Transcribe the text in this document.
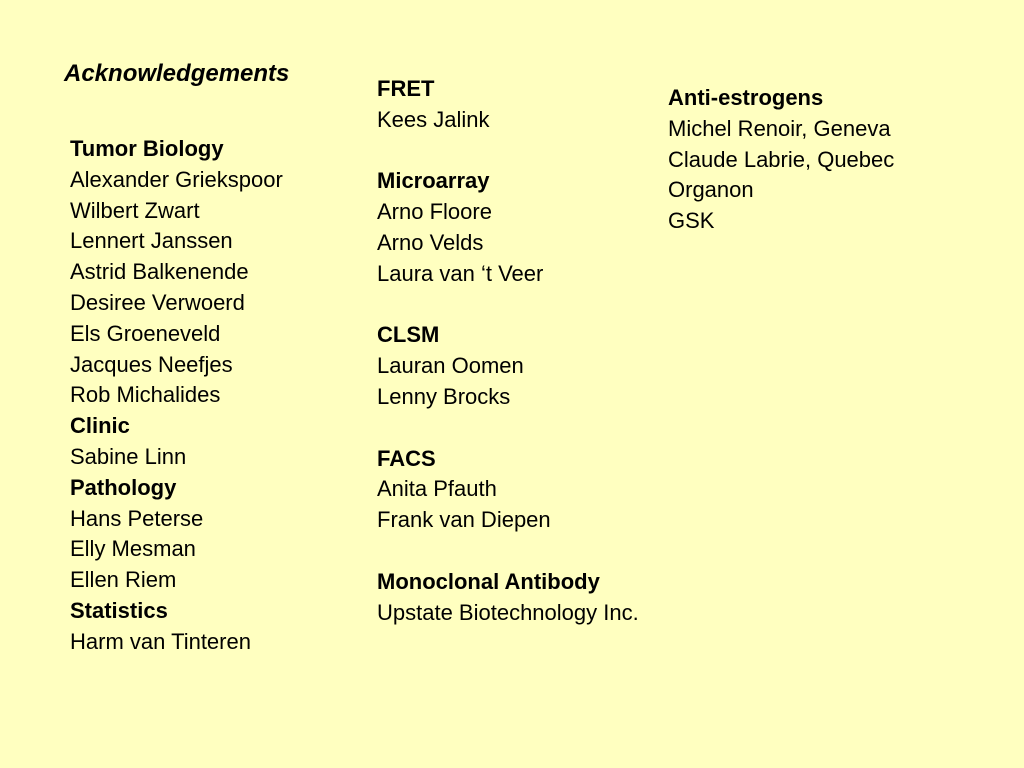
Acknowledgements
Tumor Biology
Alexander Griekspoor
Wilbert Zwart
Lennert Janssen
Astrid Balkenende
Desiree Verwoerd
Els Groeneveld
Jacques Neefjes
Rob Michalides
Clinic
Sabine Linn
Pathology
Hans Peterse
Elly Mesman
Ellen Riem
Statistics
Harm van Tinteren
FRET
Kees Jalink
Microarray
Arno Floore
Arno Velds
Laura van ‘t Veer
CLSM
Lauran Oomen
Lenny Brocks
FACS
Anita Pfauth
Frank van Diepen
Monoclonal Antibody
Upstate Biotechnology Inc.
Anti-estrogens
Michel Renoir, Geneva
Claude Labrie, Quebec
Organon
GSK
